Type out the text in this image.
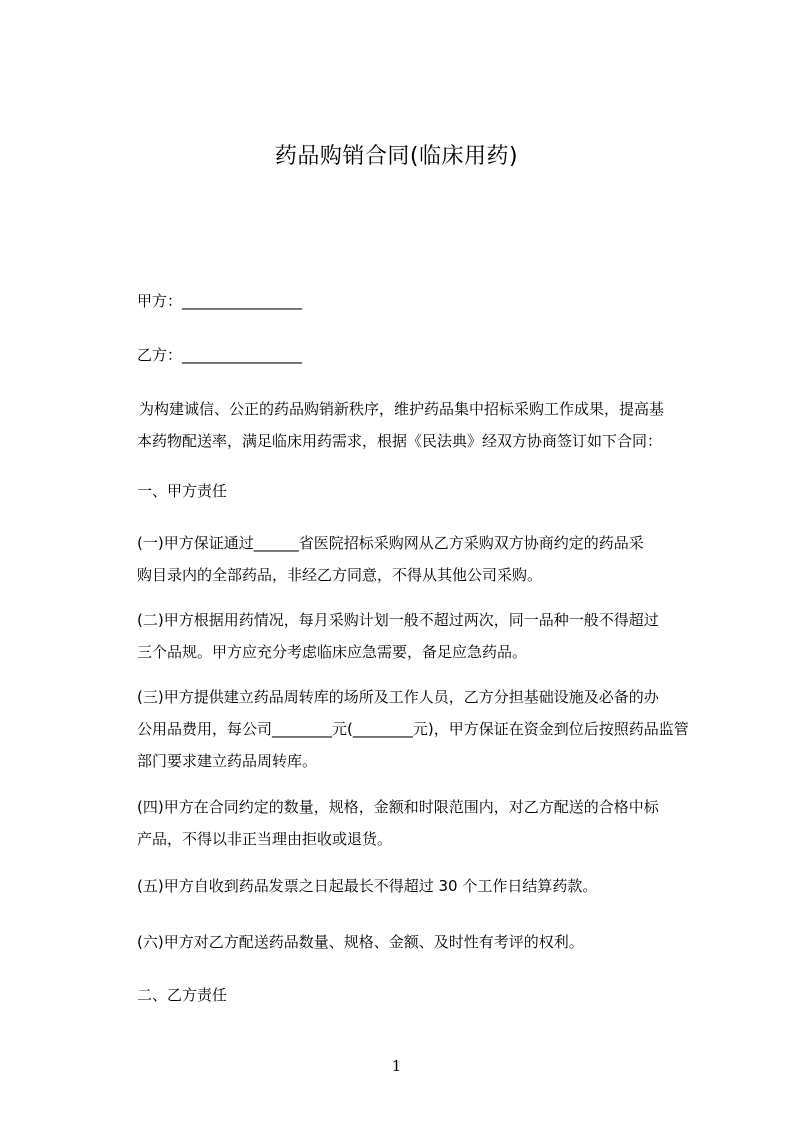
药品购销合同(临床用药)
甲方：________________
乙方：________________
为构建诚信、公正的药品购销新秩序，维护药品集中招标采购工作成果，提高基
本药物配送率，满足临床用药需求，根据《民法典》经双方协商签订如下合同：
一、甲方责任
(一)甲方保证通过______省医院招标采购网从乙方采购双方协商约定的药品采
购目录内的全部药品，非经乙方同意，不得从其他公司采购。
(二)甲方根据用药情况，每月采购计划一般不超过两次，同一品种一般不得超过
三个品规。甲方应充分考虑临床应急需要，备足应急药品。
(三)甲方提供建立药品周转库的场所及工作人员，乙方分担基础设施及必备的办
公用品费用，每公司________元(________元)，甲方保证在资金到位后按照药品监管
部门要求建立药品周转库。
(四)甲方在合同约定的数量，规格，金额和时限范围内，对乙方配送的合格中标
产品，不得以非正当理由拒收或退货。
(五)甲方自收到药品发票之日起最长不得超过 30 个工作日结算药款。
(六)甲方对乙方配送药品数量、规格、金额、及时性有考评的权利。
二、乙方责任
1
